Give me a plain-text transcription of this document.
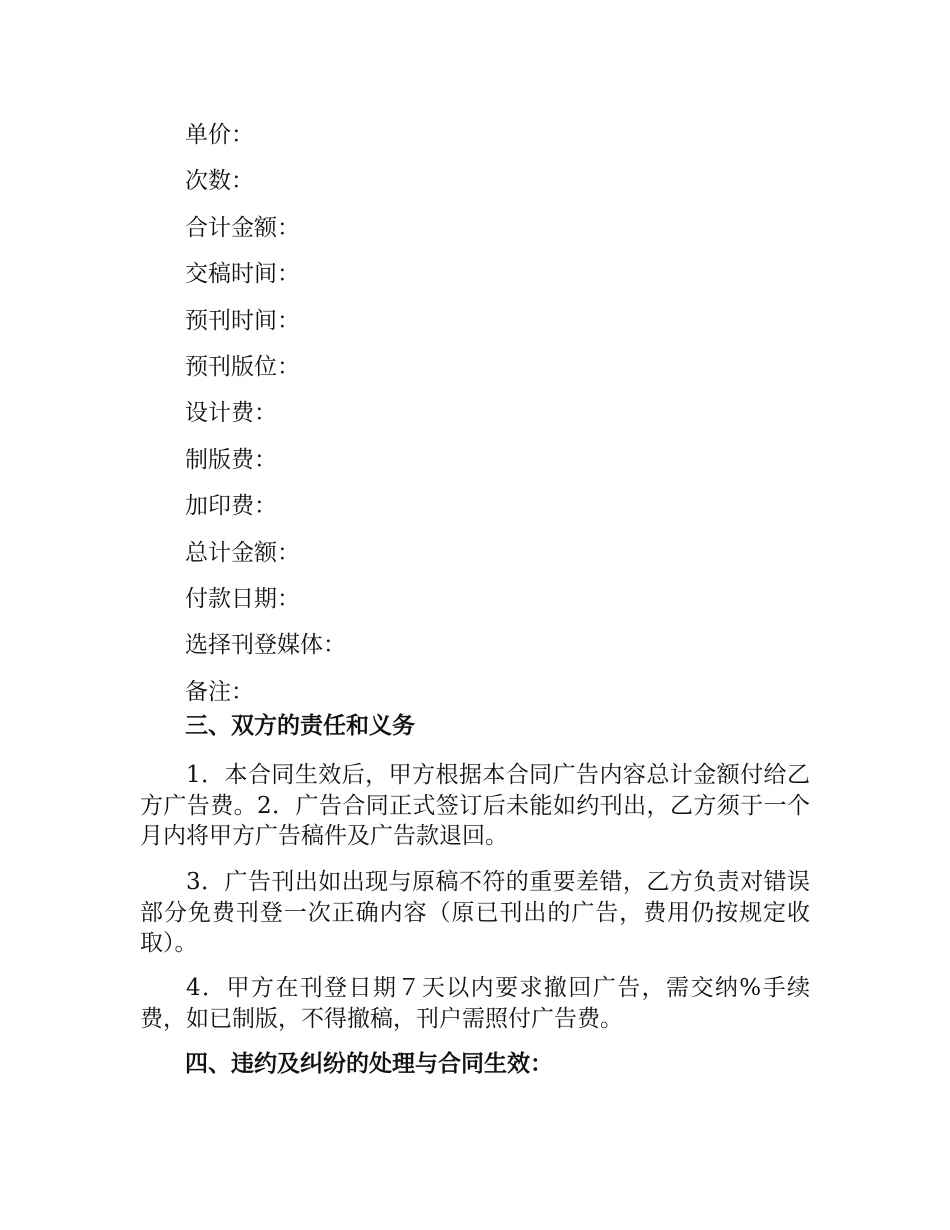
单价：
次数：
合计金额：
交稿时间：
预刊时间：
预刊版位：
设计费：
制版费：
加印费：
总计金额：
付款日期：
选择刊登媒体：
备注：
三、双方的责任和义务

1．本合同生效后，甲方根据本合同广告内容总计金额付给乙方广告费。2．广告合同正式签订后未能如约刊出，乙方须于一个月内将甲方广告稿件及广告款退回。

3．广告刊出如出现与原稿不符的重要差错，乙方负责对错误部分免费刊登一次正确内容（原已刊出的广告，费用仍按规定收取）。

4．甲方在刊登日期７天以内要求撤回广告，需交纳%手续费，如已制版，不得撤稿，刊户需照付广告费。

四、违约及纠纷的处理与合同生效：
